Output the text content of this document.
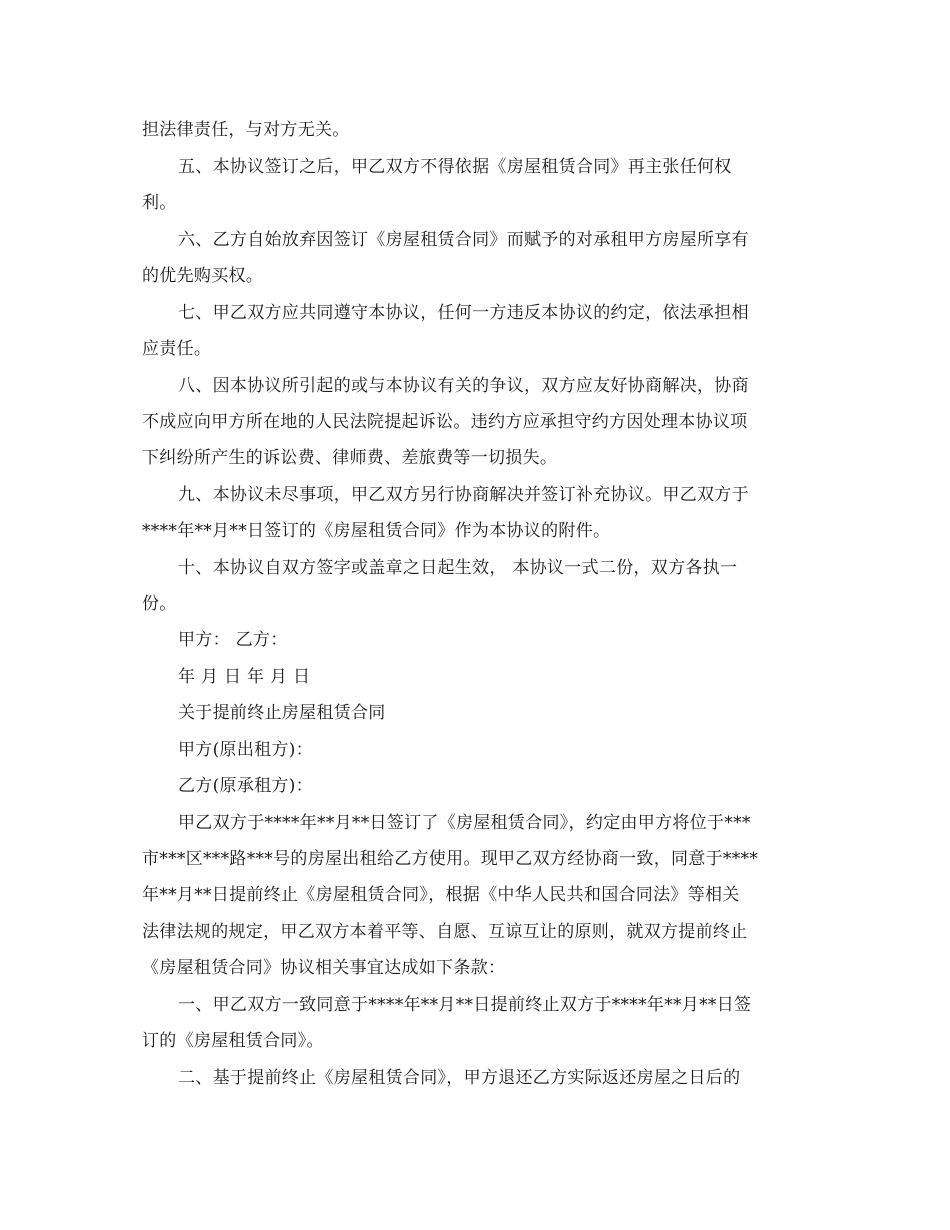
担法律责任，与对方无关。

五、本协议签订之后，甲乙双方不得依据《房屋租赁合同》再主张任何权

利。

六、乙方自始放弃因签订《房屋租赁合同》而赋予的对承租甲方房屋所享有

的优先购买权。

七、甲乙双方应共同遵守本协议，任何一方违反本协议的约定，依法承担相

应责任。

八、因本协议所引起的或与本协议有关的争议，双方应友好协商解决，协商

不成应向甲方所在地的人民法院提起诉讼。违约方应承担守约方因处理本协议项

下纠纷所产生的诉讼费、律师费、差旅费等一切损失。

九、本协议未尽事项，甲乙双方另行协商解决并签订补充协议。甲乙双方于

****年**月**日签订的《房屋租赁合同》作为本协议的附件。

十、本协议自双方签字或盖章之日起生效， 本协议一式二份，双方各执一

份。

甲方： 乙方：

年 月 日 年 月 日

关于提前终止房屋租赁合同

甲方(原出租方)：

乙方(原承租方)：

甲乙双方于****年**月**日签订了《房屋租赁合同》，约定由甲方将位于***

市***区***路***号的房屋出租给乙方使用。现甲乙双方经协商一致，同意于****

年**月**日提前终止《房屋租赁合同》，根据《中华人民共和国合同法》等相关

法律法规的规定，甲乙双方本着平等、自愿、互谅互让的原则，就双方提前终止

《房屋租赁合同》协议相关事宜达成如下条款：

一、甲乙双方一致同意于****年**月**日提前终止双方于****年**月**日签

订的《房屋租赁合同》。

二、基于提前终止《房屋租赁合同》，甲方退还乙方实际返还房屋之日后的
